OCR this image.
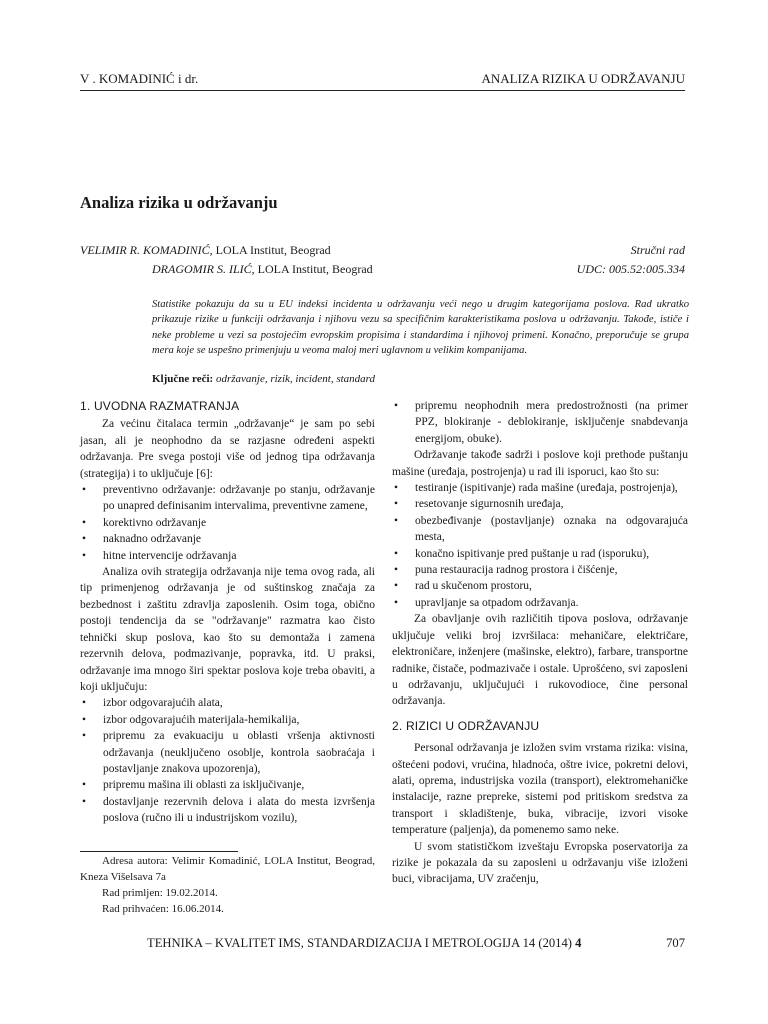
V . KOMADINIĆ i dr.	ANALIZA RIZIKA U ODRŽAVANJU
Analiza rizika u održavanju
VELIMIR R. KOMADINIĆ, LOLA Institut, Beograd	Stručni rad
DRAGOMIR S. ILIĆ, LOLA Institut, Beograd	UDC: 005.52:005.334
Statistike pokazuju da su u EU indeksi incidenta u održavanju veći nego u drugim kategorijama poslova. Rad ukratko prikazuje rizike u funkciji održavanja i njihovu vezu sa specifičnim karakteristikama poslova u održavanju. Takođe, ističe i neke probleme u vezi sa postojećim evropskim propisima i standardima i njihovoj primeni. Konačno, preporučuje se grupa mera koje se uspešno primenjuju u veoma maloj meri uglavnom u velikim kompanijama.
Ključne reči: održavanje, rizik, incident, standard
1. UVODNA RAZMATRANJA

Za većinu čitalaca termin „održavanje“ je sam po sebi jasan, ali je neophodno da se razjasne određeni aspekti održavanja. Pre svega postoji više od jednog tipa održavanja (strategija) i to uključuje [6]:

• preventivno održavanje: održavanje po stanju, održavanje po unapred definisanim intervalima, preventivne zamene,
• korektivno održavanje
• naknadno održavanje
• hitne intervencije održavanja

Analiza ovih strategija održavanja nije tema ovog rada, ali tip primenjenog održavanja je od suštinskog značaja za bezbednost i zaštitu zdravlja zaposlenih. Osim toga, obično postoji tendencija da se "održavanje" razmatra kao čisto tehnički skup poslova, kao što su demontaža i zamena rezervnih delova, podmazivanje, popravka, itd. U praksi, održavanje ima mnogo širi spektar poslova koje treba obaviti, a koji uključuju:

• izbor odgovarajućih alata,
• izbor odgovarajućih materijala-hemikalija,
• pripremu za evakuaciju u oblasti vršenja aktivnosti održavanja (neuključeno osoblje, kontrola saobraćaja i postavljanje znakova upozorenja),
• pripremu mašina ili oblasti za isključivanje,
• dostavljanje rezervnih delova i alata do mesta izvršenja poslova (ručno ili u industrijskom vozilu),
• pripremu neophodnih mera predostrožnosti (na primer PPZ, blokiranje - deblokiranje, isključenje snabdevanja energijom, obuke).

Održavanje takođe sadrži i poslove koji prethode puštanju mašine (uređaja, postrojenja) u rad ili isporuci, kao što su:

• testiranje (ispitivanje) rada mašine (uređaja, postrojenja),
• resetovanje sigurnosnih uređaja,
• obezbeđivanje (postavljanje) oznaka na odgovarajuća mesta,
• konačno ispitivanje pred puštanje u rad (isporuku),
• puna restauracija radnog prostora i čišćenje,
• rad u skučenom prostoru,
• upravljanje sa otpadom održavanja.

Za obavljanje ovih različitih tipova poslova, održavanje uključuje veliki broj izvršilaca: mehaničare, električare, elektroničare, inženjere (mašinske, elektro), farbare, transportne radnike, čistače, podmazivače i ostale. Uprošćeno, svi zaposleni u održavanju, uključujući i rukovodioce, čine personal održavanja.

2. RIZICI U ODRŽAVANJU

Personal održavanja je izložen svim vrstama rizika: visina, oštećeni podovi, vrućina, hladnoća, oštre ivice, pokretni delovi, alati, oprema, industrijska vozila (transport), elektromehaničke instalacije, razne prepreke, sistemi pod pritiskom sredstva za transport i skladištenje, buka, vibracije, izvori visoke temperature (paljenja), da pomenemo samo neke.

U svom statističkom izveštaju Evropska poservatorija za rizike je pokazala da su zaposleni u održavanju više izloženi buci, vibracijama, UV zračenju,

Adresa autora: Velimir Komadinić, LOLA Institut, Beograd, Kneza Višelsava 7a

Rad primljen: 19.02.2014.

Rad prihvaćen: 16.06.2014.

TEHNIKA – KVALITET IMS, STANDARDIZACIJA I METROLOGIJA 14 (2014) 4	707
